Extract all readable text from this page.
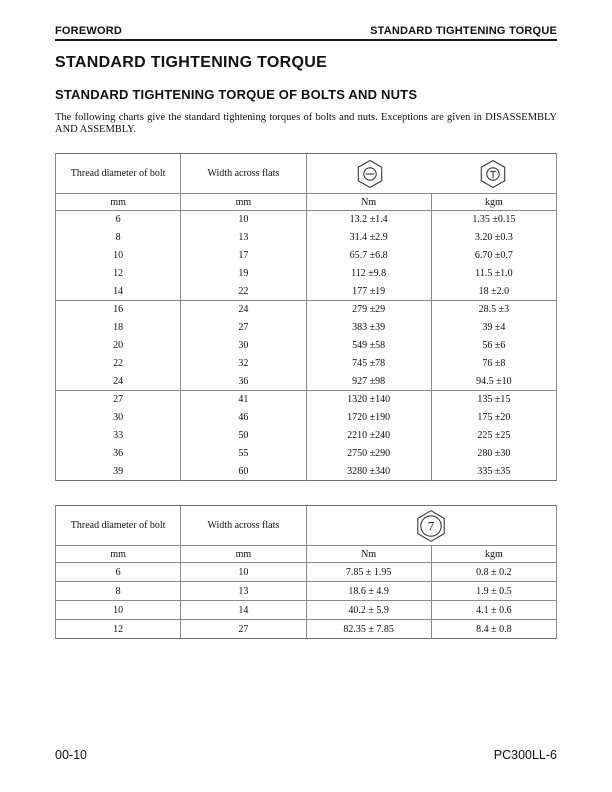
FOREWORD	STANDARD TIGHTENING TORQUE
STANDARD TIGHTENING TORQUE
STANDARD TIGHTENING TORQUE OF BOLTS AND NUTS
The following charts give the standard tightening torques of bolts and nuts. Exceptions are given in DISASSEMBLY AND ASSEMBLY.
Thread diameter of bolt	Width across flats	

mm	mm	Nm	kgm
6	10	13.2 ±1.4	1.35 ±0.15
8	13	31.4 ±2.9	3.20 ±0.3
10	17	65.7 ±6.8	6.70 ±0.7
12	19	112 ±9.8	11.5 ±1.0
14	22	177 ±19	18 ±2.0
16	24	279 ±29	28.5 ±3
18	27	383 ±39	39 ±4
20	30	549 ±58	56 ±6
22	32	745 ±78	76 ±8
24	36	927 ±98	94.5 ±10
27	41	1320 ±140	135 ±15
30	46	1720 ±190	175 ±20
33	50	2210 ±240	225 ±25
36	55	2750 ±290	280 ±30
39	60	3280 ±340	335 ±35
Thread diameter of bolt	Width across flats	7	

mm	mm	Nm	kgm
6	10	7.85 ± 1.95	0.8 ± 0.2
8	13	18.6 ± 4.9	1.9 ± 0.5
10	14	40.2 ± 5.9	4.1 ± 0.6
12	27	82.35 ± 7.85	8.4 ± 0.8
00-10	PC300LL-6
